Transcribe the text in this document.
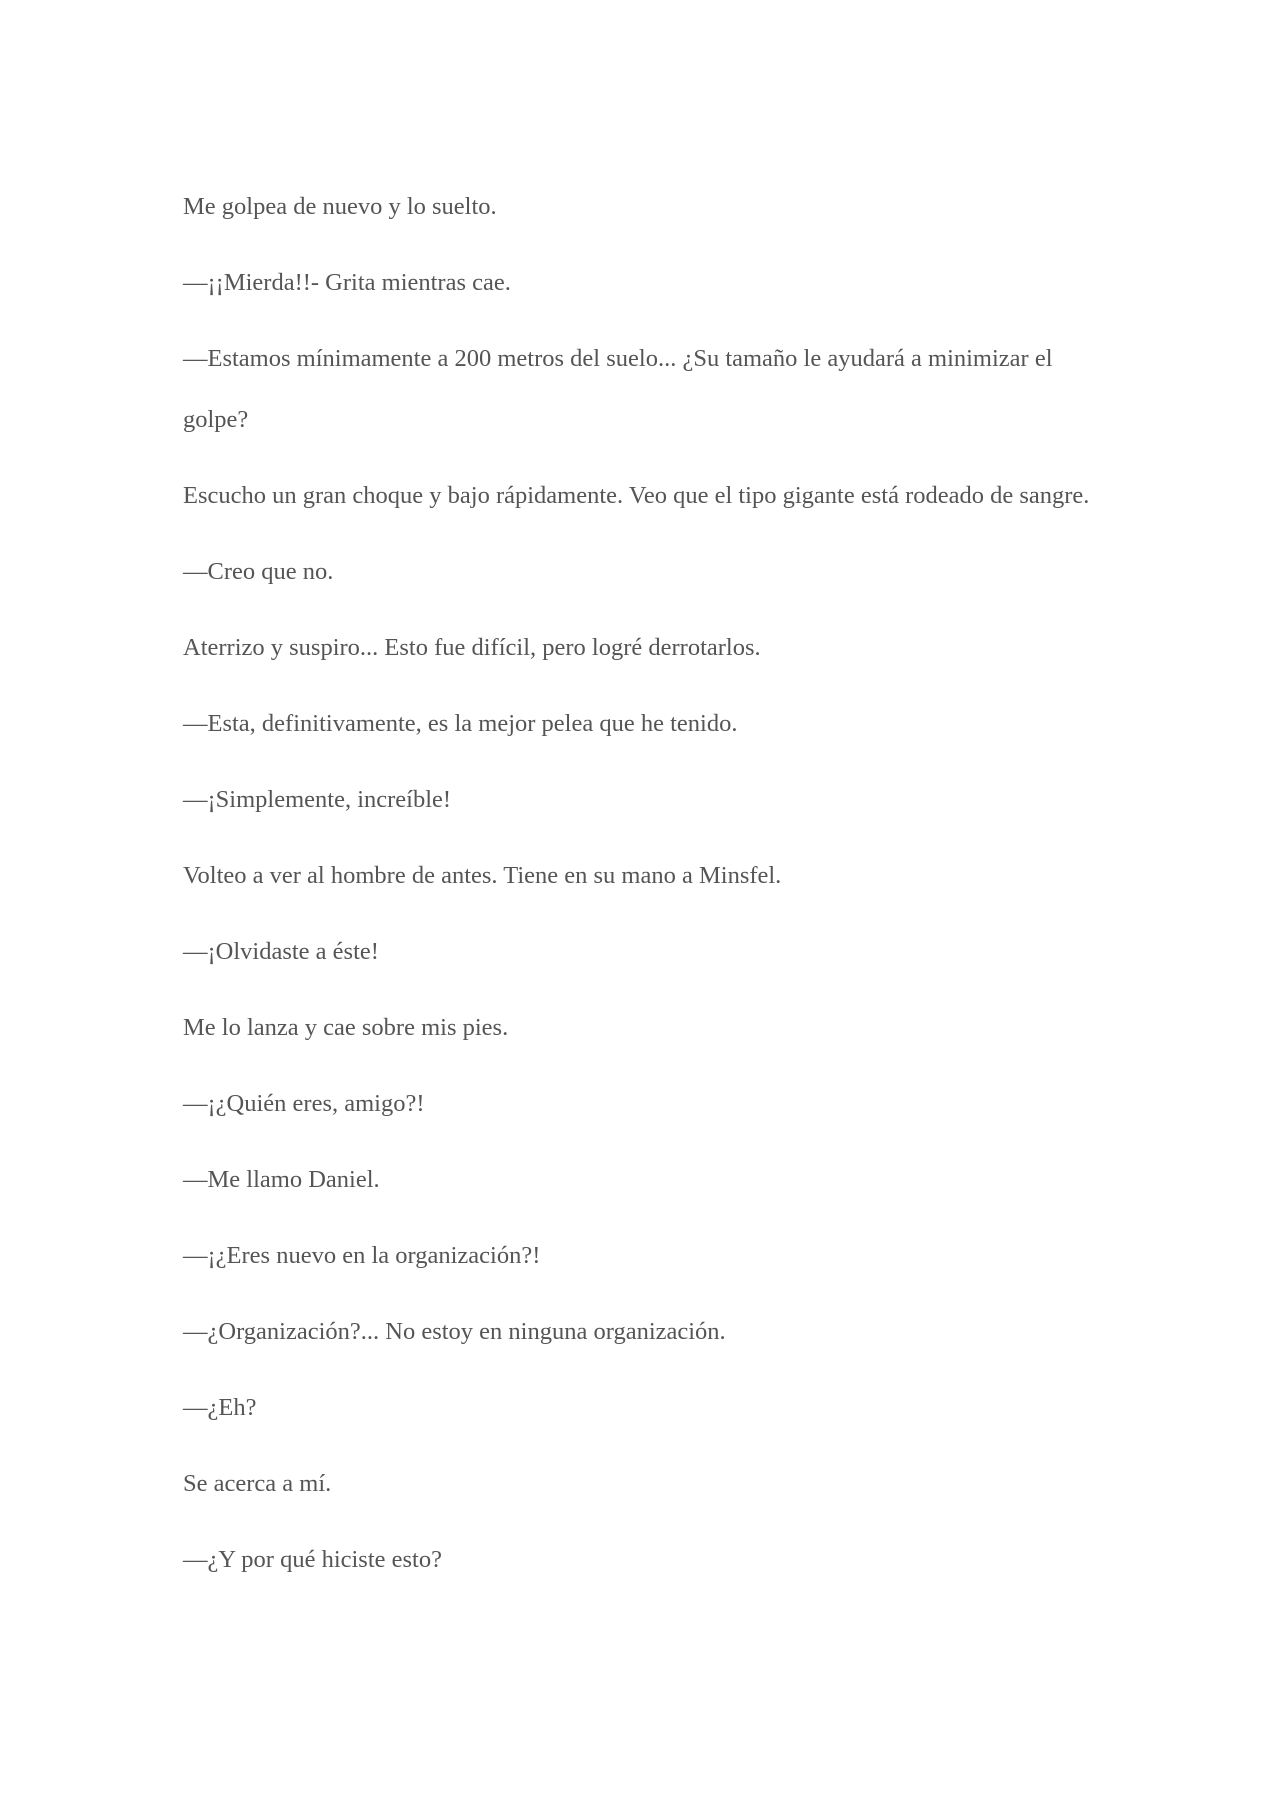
Me golpea de nuevo y lo suelto.

—¡¡Mierda!!- Grita mientras cae.

—Estamos mínimamente a 200 metros del suelo... ¿Su tamaño le ayudará a minimizar el golpe?

Escucho un gran choque y bajo rápidamente. Veo que el tipo gigante está rodeado de sangre.

—Creo que no.

Aterrizo y suspiro... Esto fue difícil, pero logré derrotarlos.

—Esta, definitivamente, es la mejor pelea que he tenido.

—¡Simplemente, increíble!

Volteo a ver al hombre de antes. Tiene en su mano a Minsfel.

—¡Olvidaste a éste!

Me lo lanza y cae sobre mis pies.

—¡¿Quién eres, amigo?!

—Me llamo Daniel.

—¡¿Eres nuevo en la organización?!

—¿Organización?... No estoy en ninguna organización.

—¿Eh?

Se acerca a mí.

—¿Y por qué hiciste esto?
